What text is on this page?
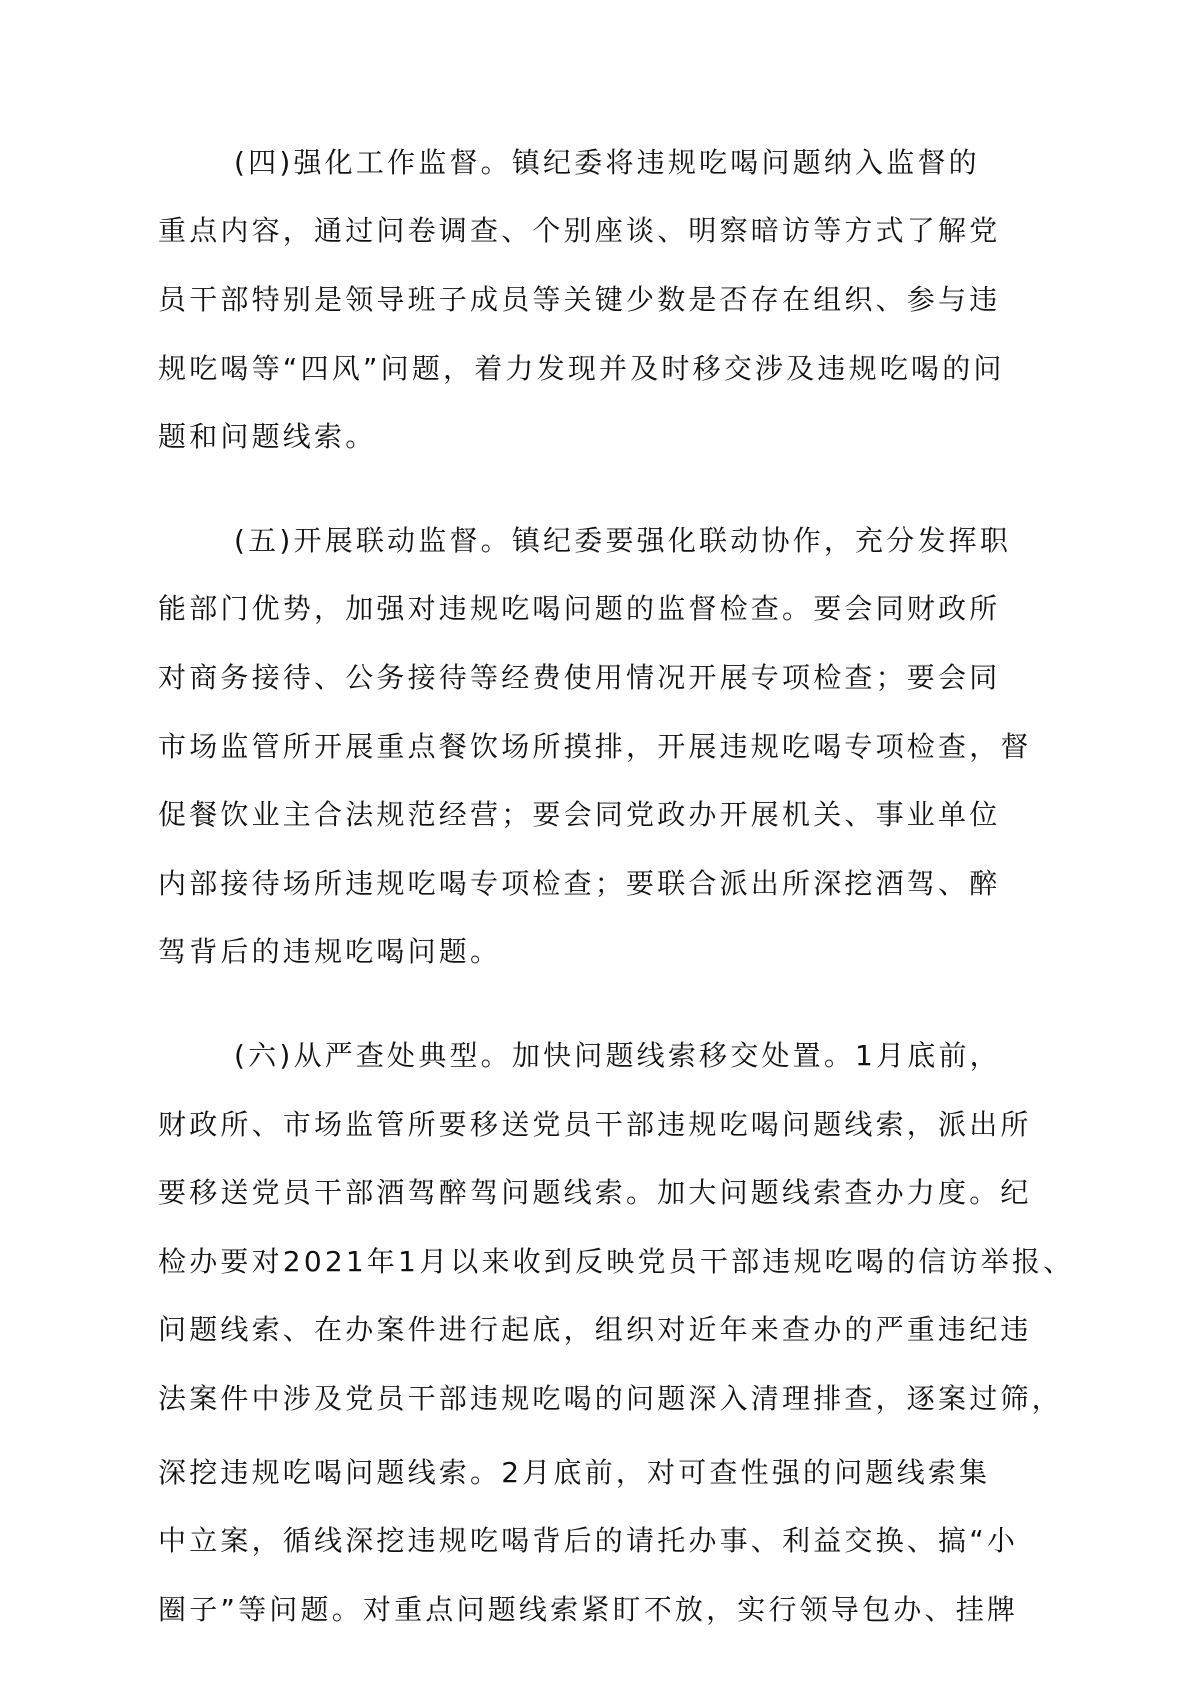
(四)强化工作监督。镇纪委将违规吃喝问题纳入监督的
重点内容，通过问卷调查、个别座谈、明察暗访等方式了解党
员干部特别是领导班子成员等关键少数是否存在组织、参与违
规吃喝等“四风”问题，着力发现并及时移交涉及违规吃喝的问
题和问题线索。
(五)开展联动监督。镇纪委要强化联动协作，充分发挥职
能部门优势，加强对违规吃喝问题的监督检查。要会同财政所
对商务接待、公务接待等经费使用情况开展专项检查；要会同
市场监管所开展重点餐饮场所摸排，开展违规吃喝专项检查，督
促餐饮业主合法规范经营；要会同党政办开展机关、事业单位
内部接待场所违规吃喝专项检查；要联合派出所深挖酒驾、醉
驾背后的违规吃喝问题。
(六)从严查处典型。加快问题线索移交处置。1月底前，
财政所、市场监管所要移送党员干部违规吃喝问题线索，派出所
要移送党员干部酒驾醉驾问题线索。加大问题线索查办力度。纪
检办要对2021年1月以来收到反映党员干部违规吃喝的信访举报、
问题线索、在办案件进行起底，组织对近年来查办的严重违纪违
法案件中涉及党员干部违规吃喝的问题深入清理排查，逐案过筛，
深挖违规吃喝问题线索。2月底前，对可查性强的问题线索集
中立案，循线深挖违规吃喝背后的请托办事、利益交换、搞“小
圈子”等问题。对重点问题线索紧盯不放，实行领导包办、挂牌
